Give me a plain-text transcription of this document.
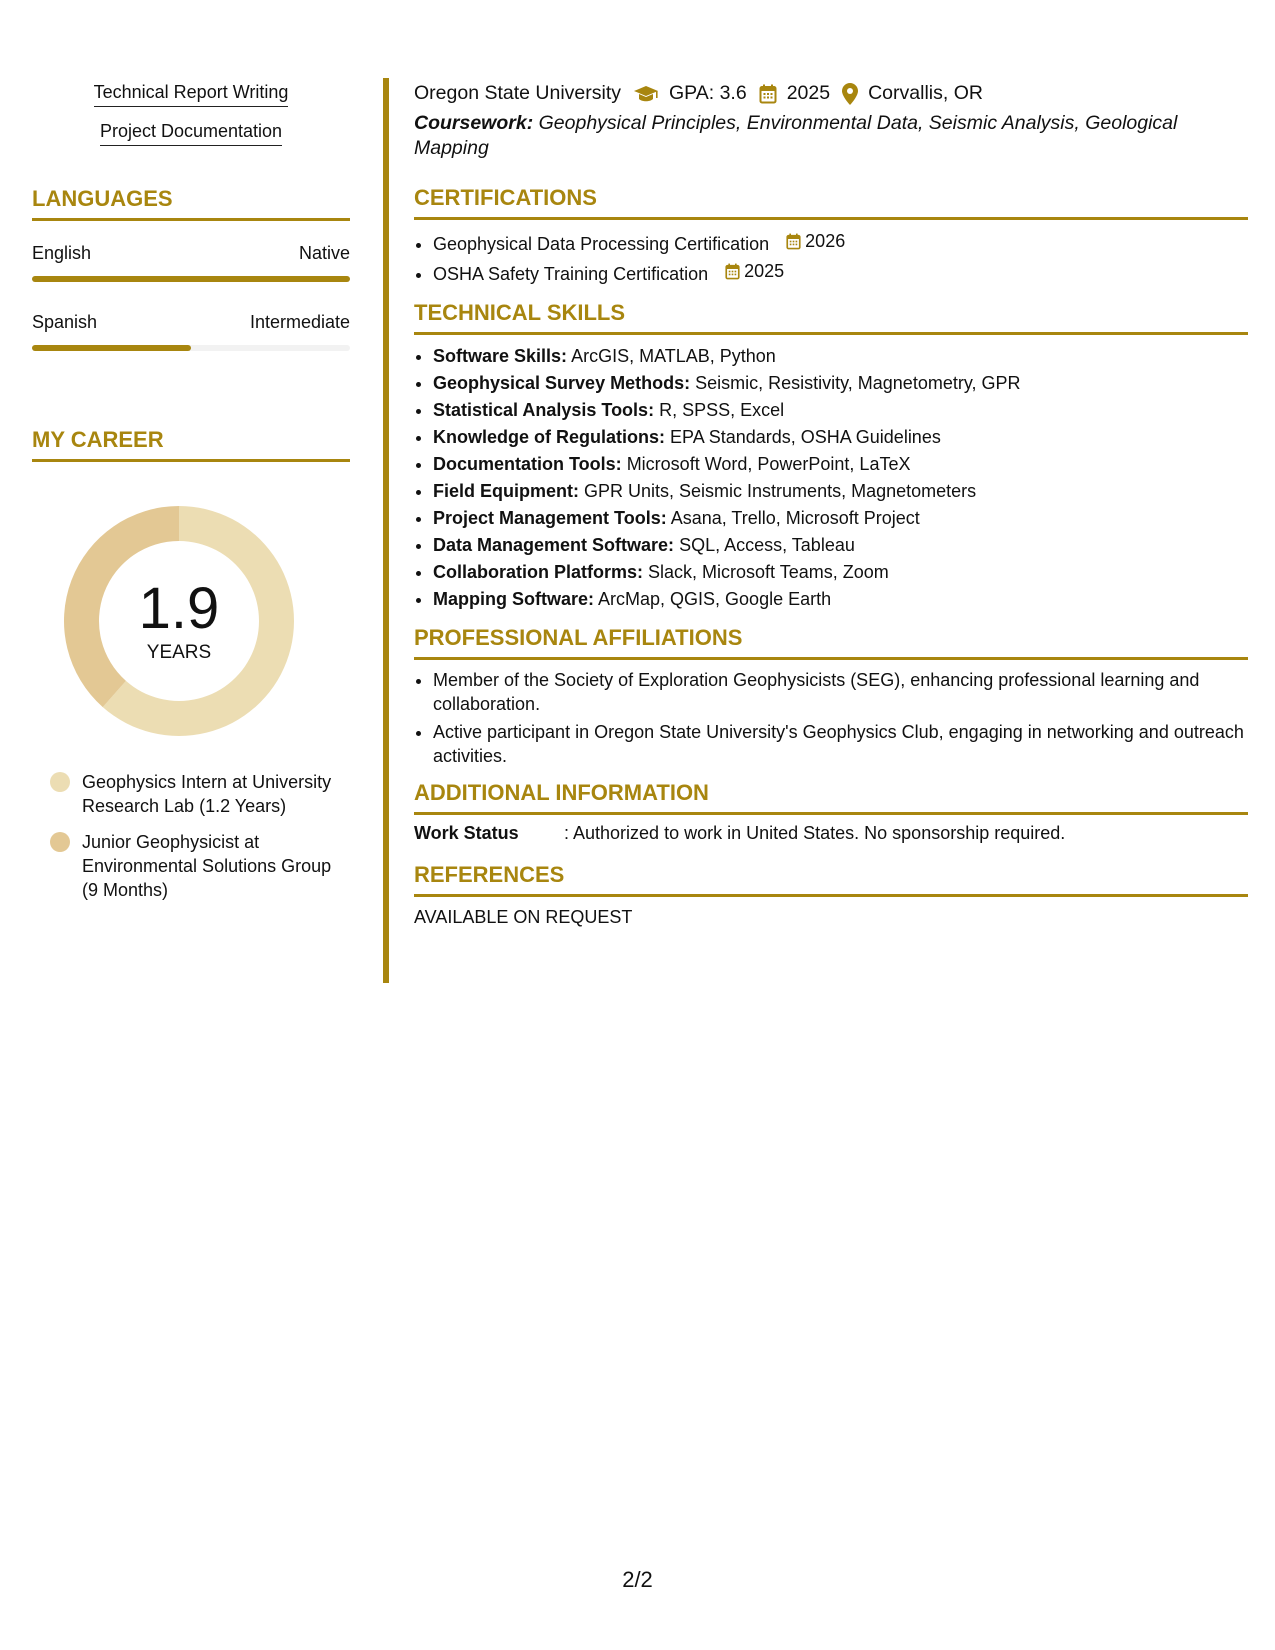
Technical Report Writing
Project Documentation
LANGUAGES
English	Native
Spanish	Intermediate
MY CAREER
1.9
YEARS
Geophysics Intern at University Research Lab (1.2 Years)
Junior Geophysicist at Environmental Solutions Group (9 Months)
Oregon State University GPA: 3.6 2025 Corvallis, OR
Coursework: Geophysical Principles, Environmental Data, Seismic Analysis, Geological Mapping
CERTIFICATIONS
• Geophysical Data Processing Certification 2026
• OSHA Safety Training Certification 2025
TECHNICAL SKILLS
• Software Skills: ArcGIS, MATLAB, Python
• Geophysical Survey Methods: Seismic, Resistivity, Magnetometry, GPR
• Statistical Analysis Tools: R, SPSS, Excel
• Knowledge of Regulations: EPA Standards, OSHA Guidelines
• Documentation Tools: Microsoft Word, PowerPoint, LaTeX
• Field Equipment: GPR Units, Seismic Instruments, Magnetometers
• Project Management Tools: Asana, Trello, Microsoft Project
• Data Management Software: SQL, Access, Tableau
• Collaboration Platforms: Slack, Microsoft Teams, Zoom
• Mapping Software: ArcMap, QGIS, Google Earth
PROFESSIONAL AFFILIATIONS
• Member of the Society of Exploration Geophysicists (SEG), enhancing professional learning and collaboration.
• Active participant in Oregon State University's Geophysics Club, engaging in networking and outreach activities.
ADDITIONAL INFORMATION
Work Status	: Authorized to work in United States. No sponsorship required.
REFERENCES
AVAILABLE ON REQUEST
2/2
